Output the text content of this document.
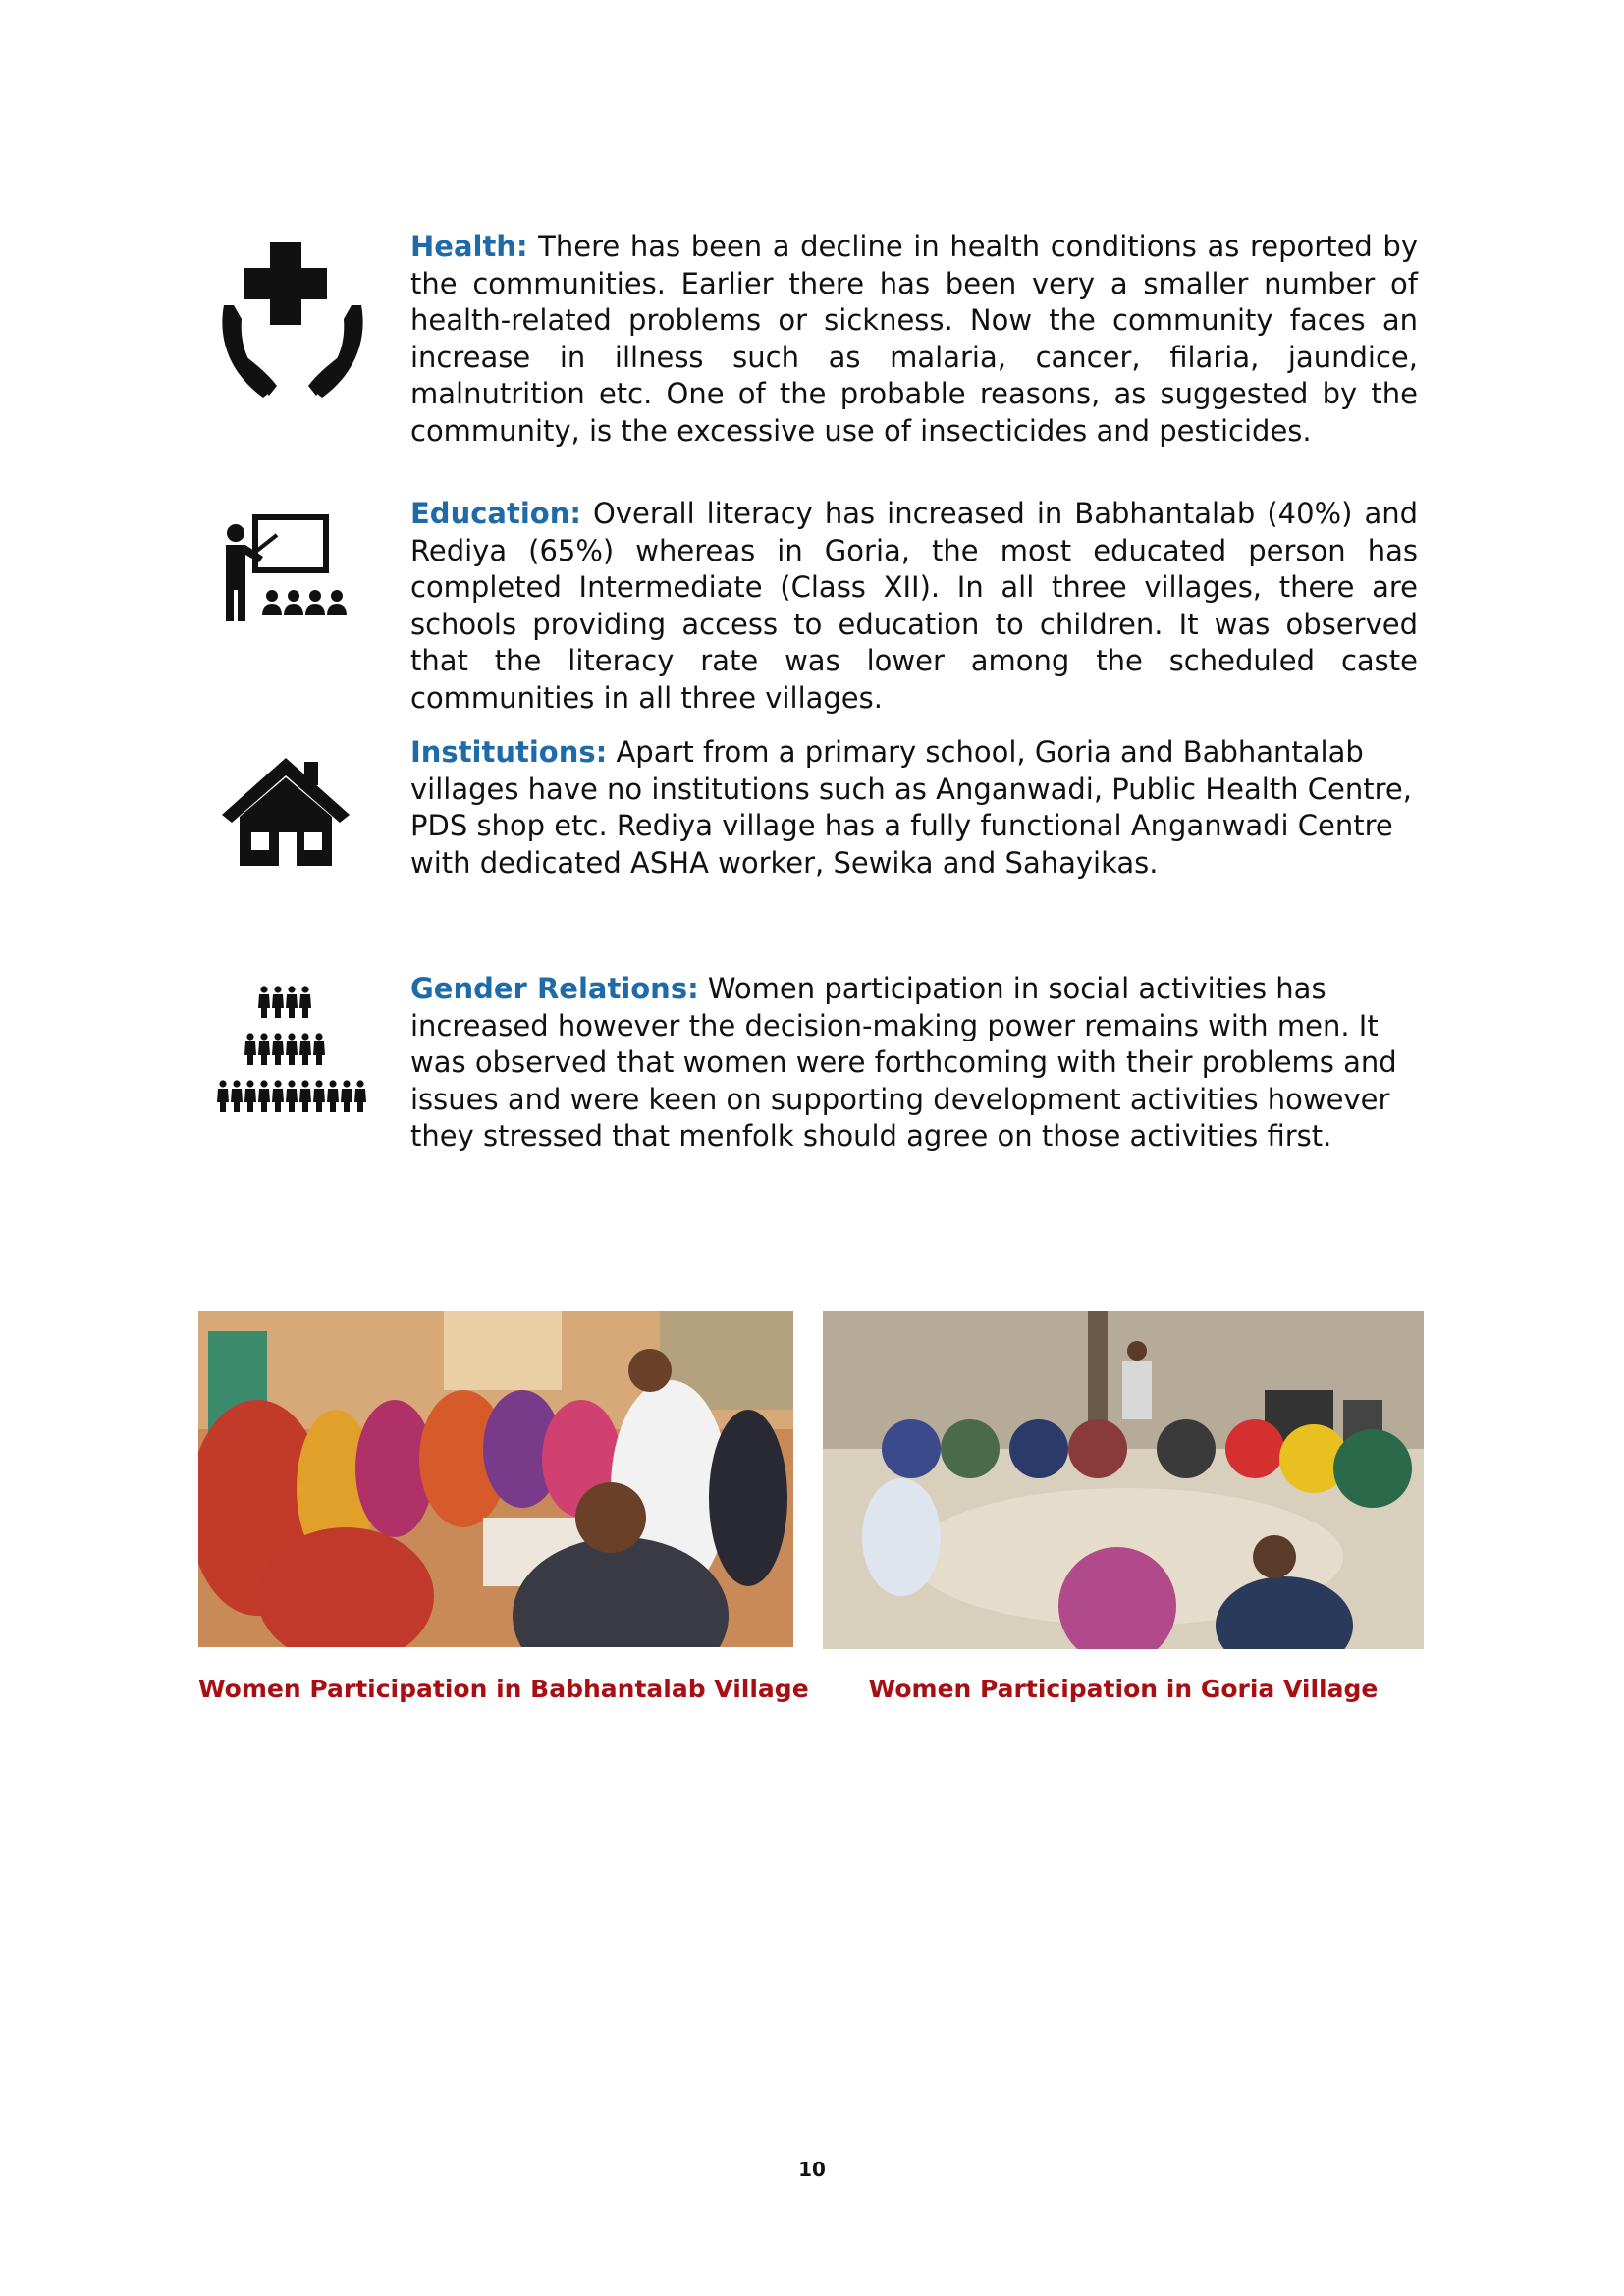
Health: There has been a decline in health conditions as reported by the communities. Earlier there has been very a smaller number of health-related problems or sickness. Now the community faces an increase in illness such as malaria, cancer, filaria, jaundice, malnutrition etc. One of the probable reasons, as suggested by the community, is the excessive use of insecticides and pesticides.
Education: Overall literacy has increased in Babhantalab (40%) and Rediya (65%) whereas in Goria, the most educated person has completed Intermediate (Class XII). In all three villages, there are schools providing access to education to children. It was observed that the literacy rate was lower among the scheduled caste communities in all three villages.
Institutions: Apart from a primary school, Goria and Babhantalab villages have no institutions such as Anganwadi, Public Health Centre, PDS shop etc. Rediya village has a fully functional Anganwadi Centre with dedicated ASHA worker, Sewika and Sahayikas.
Gender Relations: Women participation in social activities has increased however the decision-making power remains with men. It was observed that women were forthcoming with their problems and issues and were keen on supporting development activities however they stressed that menfolk should agree on those activities first.
Women Participation in Babhantalab Village	Women Participation in Goria Village
10
